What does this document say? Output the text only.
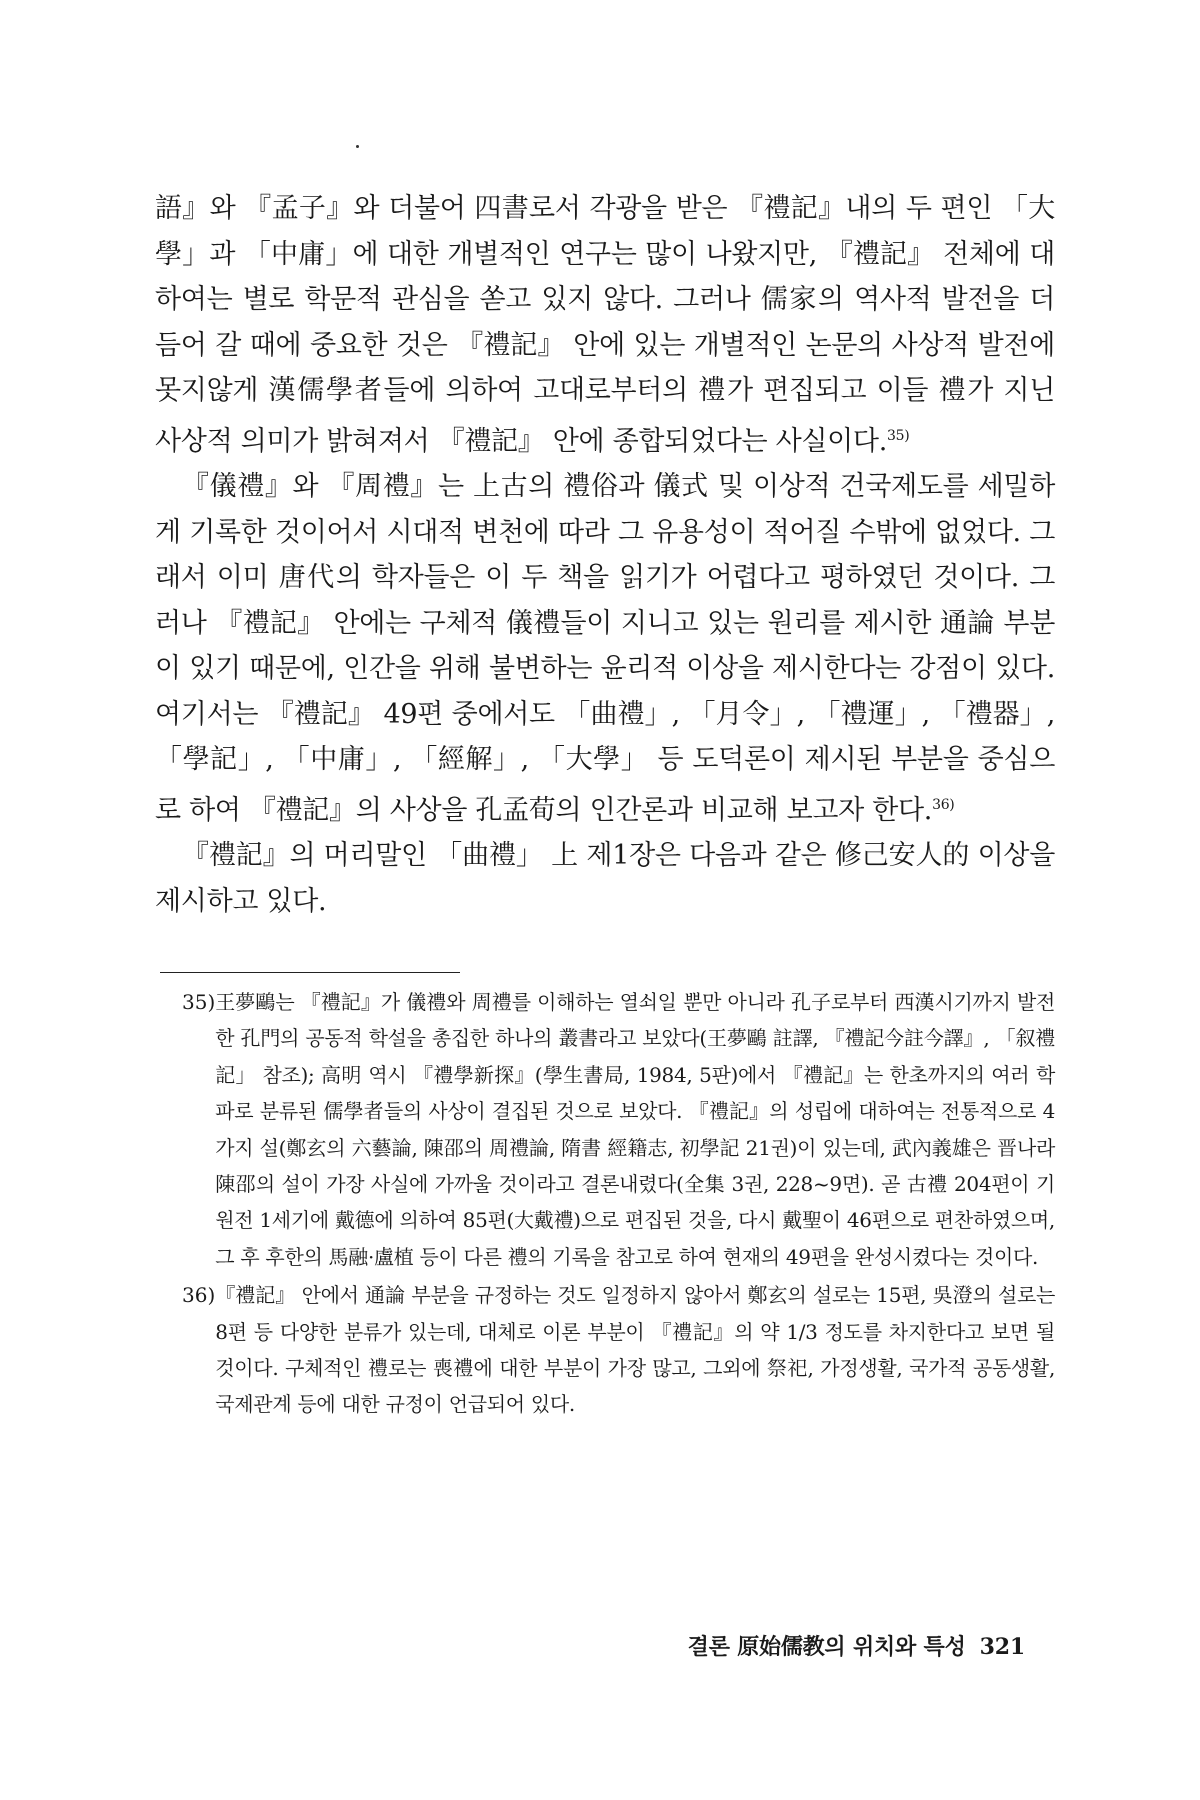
語』와 『孟子』와 더불어 四書로서 각광을 받은 『禮記』내의 두 편인 「大學」과 「中庸」에 대한 개별적인 연구는 많이 나왔지만, 『禮記』 전체에 대하여는 별로 학문적 관심을 쏟고 있지 않다. 그러나 儒家의 역사적 발전을 더듬어 갈 때에 중요한 것은 『禮記』 안에 있는 개별적인 논문의 사상적 발전에 못지않게 漢儒學者들에 의하여 고대로부터의 禮가 편집되고 이들 禮가 지닌 사상적 의미가 밝혀져서 『禮記』 안에 종합되었다는 사실이다.$^{35)}$

『儀禮』와 『周禮』는 上古의 禮俗과 儀式 및 이상적 건국제도를 세밀하게 기록한 것이어서 시대적 변천에 따라 그 유용성이 적어질 수밖에 없었다. 그래서 이미 唐代의 학자들은 이 두 책을 읽기가 어렵다고 평하였던 것이다. 그러나 『禮記』 안에는 구체적 儀禮들이 지니고 있는 원리를 제시한 通論 부분이 있기 때문에, 인간을 위해 불변하는 윤리적 이상을 제시한다는 강점이 있다. 여기서는 『禮記』 49편 중에서도 「曲禮」, 「月令」, 「禮運」, 「禮器」, 「學記」, 「中庸」, 「經解」, 「大學」 등 도덕론이 제시된 부분을 중심으로 하여 『禮記』의 사상을 孔孟荀의 인간론과 비교해 보고자 한다.$^{36)}$

『禮記』의 머리말인 「曲禮」 上 제1장은 다음과 같은 修己安人的 이상을 제시하고 있다.

35) 王夢鷗는 『禮記』가 儀禮와 周禮를 이해하는 열쇠일 뿐만 아니라 孔子로부터 西漢시기까지 발전한 孔門의 공동적 학설을 총집한 하나의 叢書라고 보았다(王夢鷗 註譯, 『禮記今註今譯』, 「叙禮記」 참조); 高明 역시 『禮學新探』(學生書局, 1984, 5판)에서 『禮記』는 한초까지의 여러 학파로 분류된 儒學者들의 사상이 결집된 것으로 보았다. 『禮記』의 성립에 대하여는 전통적으로 4가지 설(鄭玄의 六藝論, 陳邵의 周禮論, 隋書 經籍志, 初學記 21권)이 있는데, 武內義雄은 晋나라 陳邵의 설이 가장 사실에 가까울 것이라고 결론내렸다(全集 3권, 228~9면). 곧 古禮 204편이 기원전 1세기에 戴德에 의하여 85편(大戴禮)으로 편집된 것을, 다시 戴聖이 46편으로 편찬하였으며, 그 후 후한의 馬融·盧植 등이 다른 禮의 기록을 참고로 하여 현재의 49편을 완성시켰다는 것이다.
36) 『禮記』 안에서 通論 부분을 규정하는 것도 일정하지 않아서 鄭玄의 설로는 15편, 吳澄의 설로는 8편 등 다양한 분류가 있는데, 대체로 이론 부분이 『禮記』의 약 1/3 정도를 차지한다고 보면 될 것이다. 구체적인 禮로는 喪禮에 대한 부분이 가장 많고, 그외에 祭祀, 가정생활, 국가적 공동생활, 국제관계 등에 대한 규정이 언급되어 있다.
결론 原始儒教의 위치와 특성 321
